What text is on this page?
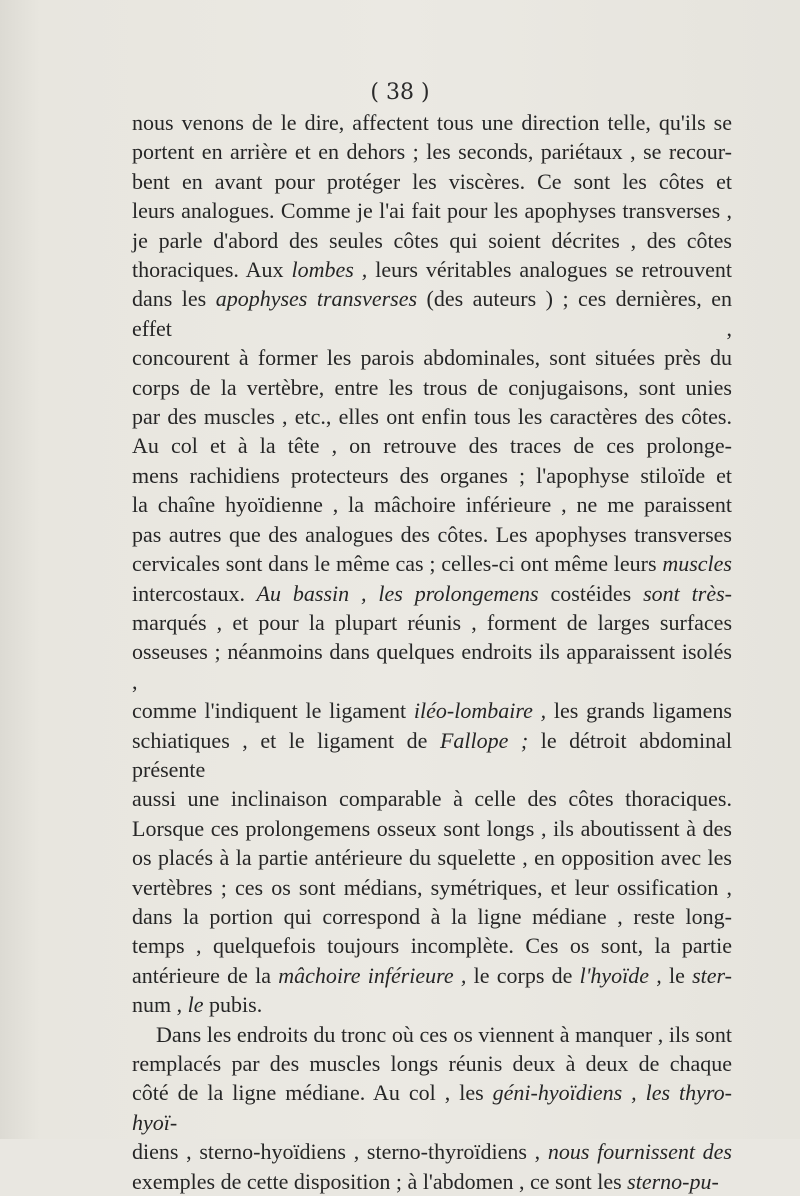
( 38 )

nous venons de le dire, affectent tous une direction telle, qu'ils se

portent en arrière et en dehors ; les seconds, pariétaux , se recour-

bent en avant pour protéger les viscères. Ce sont les côtes et

leurs analogues. Comme je l'ai fait pour les apophyses transverses ,

je parle d'abord des seules côtes qui soient décrites , des côtes

thoraciques. Aux lombes , leurs véritables analogues se retrouvent

dans les apophyses transverses (des auteurs ) ; ces dernières, en effet ,

concourent à former les parois abdominales, sont situées près du

corps de la vertèbre, entre les trous de conjugaisons, sont unies

par des muscles , etc., elles ont enfin tous les caractères des côtes.

Au col et à la tête , on retrouve des traces de ces prolonge-

mens rachidiens protecteurs des organes ; l'apophyse stiloïde et

la chaîne hyoïdienne , la mâchoire inférieure , ne me paraissent

pas autres que des analogues des côtes. Les apophyses transverses

cervicales sont dans le même cas ; celles-ci ont même leurs muscles

intercostaux. Au bassin , les prolongemens costéides sont très-

marqués , et pour la plupart réunis , forment de larges surfaces

osseuses ; néanmoins dans quelques endroits ils apparaissent isolés ,

comme l'indiquent le ligament iléo-lombaire , les grands ligamens

schiatiques , et le ligament de Fallope ; le détroit abdominal présente

aussi une inclinaison comparable à celle des côtes thoraciques.

Lorsque ces prolongemens osseux sont longs , ils aboutissent à des

os placés à la partie antérieure du squelette , en opposition avec les

vertèbres ; ces os sont médians, symétriques, et leur ossification ,

dans la portion qui correspond à la ligne médiane , reste long-

temps , quelquefois toujours incomplète. Ces os sont, la partie

antérieure de la mâchoire inférieure , le corps de l'hyoïde , le ster-

num , le pubis.

Dans les endroits du tronc où ces os viennent à manquer , ils sont

remplacés par des muscles longs réunis deux à deux de chaque

côté de la ligne médiane. Au col , les géni-hyoïdiens , les thyro-hyoï-

diens , sterno-hyoïdiens , sterno-thyroïdiens , nous fournissent des

exemples de cette disposition ; à l'abdomen , ce sont les sterno-pu-
